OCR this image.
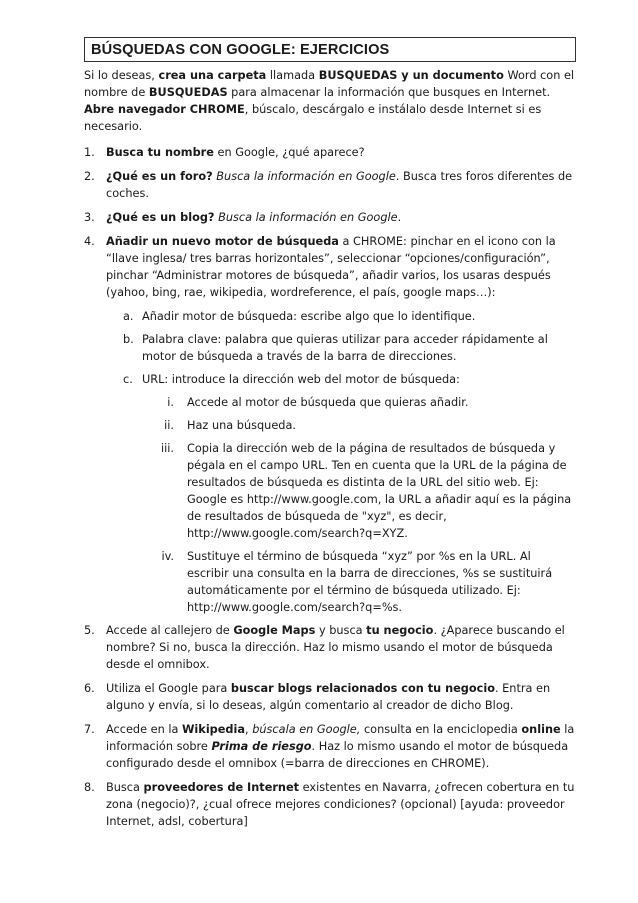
BÚSQUEDAS CON GOOGLE: EJERCICIOS

Si lo deseas, crea una carpeta llamada BUSQUEDAS y un documento Word con el nombre de BUSQUEDAS para almacenar la información que busques en Internet. Abre navegador CHROME, búscalo, descárgalo e instálalo desde Internet si es necesario.

1. Busca tu nombre en Google, ¿qué aparece?
2. ¿Qué es un foro? Busca la información en Google. Busca tres foros diferentes de coches.
3. ¿Qué es un blog? Busca la información en Google.
4. Añadir un nuevo motor de búsqueda a CHROME: pinchar en el icono con la “llave inglesa/ tres barras horizontales”, seleccionar “opciones/configuración”, pinchar “Administrar motores de búsqueda”, añadir varios, los usaras después (yahoo, bing, rae, wikipedia, wordreference, el país, google maps…):
a. Añadir motor de búsqueda: escribe algo que lo identifique.
b. Palabra clave: palabra que quieras utilizar para acceder rápidamente al motor de búsqueda a través de la barra de direcciones.
c. URL: introduce la dirección web del motor de búsqueda:
i.	Accede al motor de búsqueda que quieras añadir.
ii.	Haz una búsqueda.
iii.	Copia la dirección web de la página de resultados de búsqueda y pégala en el campo URL. Ten en cuenta que la URL de la página de resultados de búsqueda es distinta de la URL del sitio web. Ej: Google es http://www.google.com, la URL a añadir aquí es la página de resultados de búsqueda de "xyz", es decir, http://www.google.com/search?q=XYZ.
iv.	Sustituye el término de búsqueda “xyz” por %s en la URL. Al escribir una consulta en la barra de direcciones, %s se sustituirá automáticamente por el término de búsqueda utilizado. Ej: http://www.google.com/search?q=%s.
5. Accede al callejero de Google Maps y busca tu negocio. ¿Aparece buscando el nombre? Si no, busca la dirección. Haz lo mismo usando el motor de búsqueda desde el omnibox.
6. Utiliza el Google para buscar blogs relacionados con tu negocio. Entra en alguno y envía, si lo deseas, algún comentario al creador de dicho Blog.
7. Accede en la Wikipedia, búscala en Google, consulta en la enciclopedia online la información sobre Prima de riesgo. Haz lo mismo usando el motor de búsqueda configurado desde el omnibox (=barra de direcciones en CHROME).
8. Busca proveedores de Internet existentes en Navarra, ¿ofrecen cobertura en tu zona (negocio)?, ¿cual ofrece mejores condiciones? (opcional) [ayuda: proveedor Internet, adsl, cobertura]
